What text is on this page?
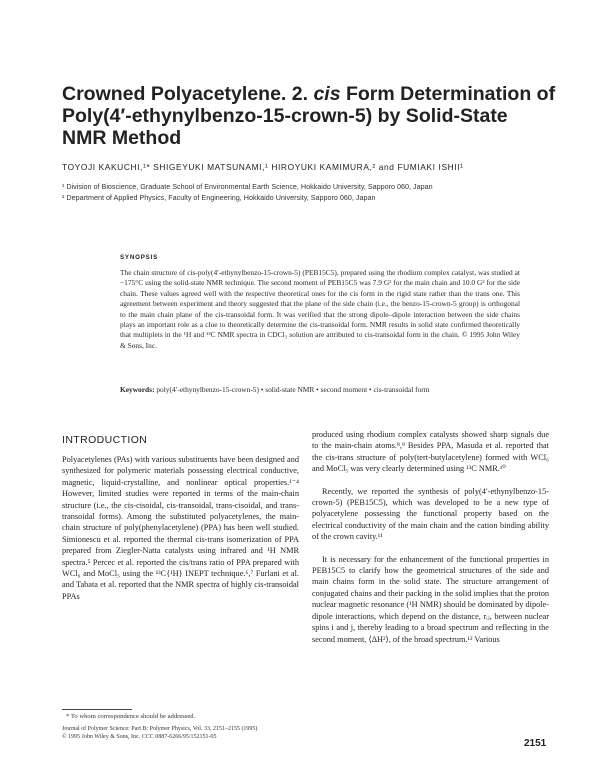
Crowned Polyacetylene. 2. cis Form Determination of
Poly(4′-ethynylbenzo-15-crown-5) by Solid-State
NMR Method
TOYOJI KAKUCHI,¹* SHIGEYUKI MATSUNAMI,¹ HIROYUKI KAMIMURA,² and FUMIAKI ISHII¹
¹ Division of Bioscience, Graduate School of Environmental Earth Science, Hokkaido University, Sapporo 060, Japan
² Department of Applied Physics, Faculty of Engineering, Hokkaido University, Sapporo 060, Japan
SYNOPSIS
The chain structure of cis-poly(4′-ethynylbenzo-15-crown-5) (PEB15C5), prepared using the rhodium complex catalyst, was studied at −175°C using the solid-state NMR technique. The second moment of PEB15C5 was 7.9 G² for the main chain and 10.0 G² for the side chain. These values agreed well with the respective theoretical ones for the cis form in the rigid state rather than the trans one. This agreement between experiment and theory suggested that the plane of the side chain (i.e., the benzo-15-crown-5 group) is orthogonal to the main chain plane of the cis-transoidal form. It was verified that the strong dipole–dipole interaction between the side chains plays an important role as a clue to theoretically determine the cis-transoidal form. NMR results in solid state confirmed theoretically that multiplets in the ¹H and ¹³C NMR spectra in CDCl₃ solution are attributed to cis-transoidal form in the chain. © 1995 John Wiley & Sons, Inc.
Keywords: poly(4′-ethynylbenzo-15-crown-5) • solid-state NMR • second moment • cis-transoidal form
INTRODUCTION

Polyacetylenes (PAs) with various substituents have been designed and synthesized for polymeric materials possessing electrical conductive, magnetic, liquid-crystalline, and nonlinear optical properties.¹⁻⁴ However, limited studies were reported in terms of the main-chain structure (i.e., the cis-cisoidal, cis-transoidal, trans-cisoidal, and trans-transoidal forms). Among the substituted polyacetylenes, the main-chain structure of poly(phenylacetylene) (PPA) has been well studied. Simionescu et al. reported the thermal cis-trans isomerization of PPA prepared from Ziegler-Natta catalysts using infrared and ¹H NMR spectra.⁵ Percec et al. reported the cis/trans ratio of PPA prepared with WCl₆ and MoCl₅ using the ¹³C{¹H} INEPT technique.⁶,⁷ Furlani et al. and Tabata et al. reported that the NMR spectra of highly cis-transoidal PPAs

produced using rhodium complex catalysts showed sharp signals due to the main-chain atoms.⁸,⁹ Besides PPA, Masuda et al. reported that the cis-trans structure of poly(tert-butylacetylene) formed with WCl₆ and MoCl₅ was very clearly determined using ¹³C NMR.¹⁰

Recently, we reported the synthesis of poly(4′-ethynylbenzo-15-crown-5) (PEB15C5), which was developed to be a new type of polyacetylene possessing the functional property based on the electrical conductivity of the main chain and the cation binding ability of the crown cavity.¹¹

It is necessary for the enhancement of the functional properties in PEB15C5 to clarify how the geometrical structures of the side and main chains form in the solid state. The structure arrangement of conjugated chains and their packing in the solid implies that the proton nuclear magnetic resonance (¹H NMR) should be dominated by dipole-dipole interactions, which depend on the distance, rᵢⱼ, between nuclear spins i and j, thereby leading to a broad spectrum and reflecting in the second moment, ⟨ΔH²⟩, of the broad spectrum.¹² Various

* To whom correspondence should be addressed.
Journal of Polymer Science: Part B: Polymer Physics, Vol. 33, 2151–2155 (1995)
© 1995 John Wiley & Sons, Inc. CCC 0887-6266/95/152151-05
2151
